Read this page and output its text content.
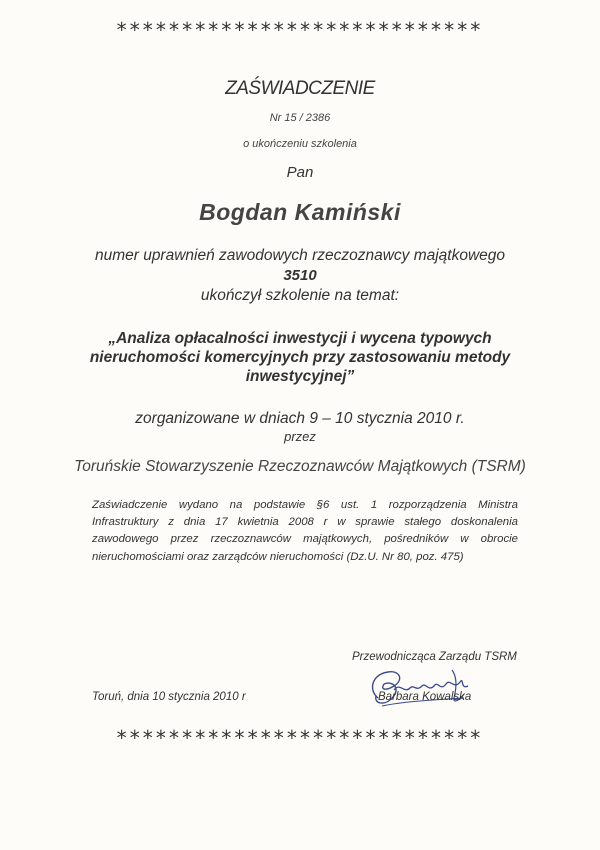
****************************
ZAŚWIADCZENIE
Nr 15 / 2386
o ukończeniu szkolenia
Pan
Bogdan Kamiński
numer uprawnień zawodowych rzeczoznawcy majątkowego
3510
ukończył szkolenie na temat:
„Analiza opłacalności inwestycji i wycena typowych
nieruchomości komercyjnych przy zastosowaniu metody
inwestycyjnej”
zorganizowane w dniach 9 – 10 stycznia 2010 r.
przez
Toruńskie Stowarzyszenie Rzeczoznawców Majątkowych (TSRM)
Zaświadczenie wydano na podstawie §6 ust. 1 rozporządzenia Ministra Infrastruktury z dnia 17 kwietnia 2008 r w sprawie stałego doskonalenia zawodowego przez rzeczoznawców majątkowych, pośredników w obrocie nieruchomościami oraz zarządców nieruchomości (Dz.U. Nr 80, poz. 475)
Przewodnicząca Zarządu TSRM
Barbara Kowalska
Toruń, dnia 10 stycznia 2010 r
****************************
